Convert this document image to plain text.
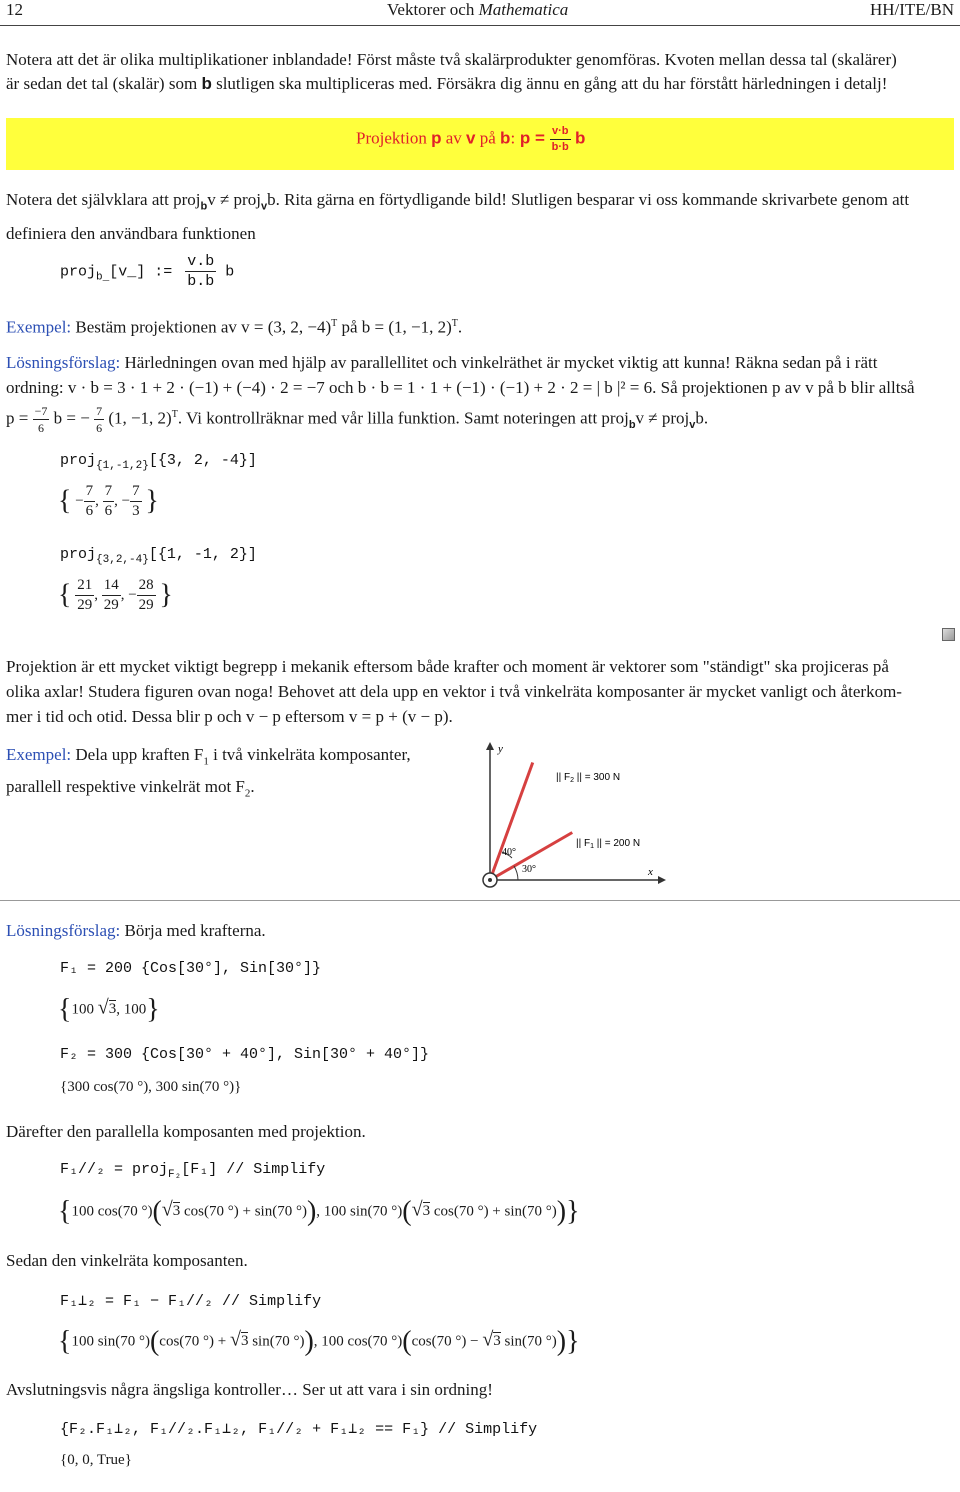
12	Vektorer och Mathematica	HH/ITE/BN
Notera att det är olika multiplikationer inblandade! Först måste två skalärprodukter genomföras. Kvoten mellan dessa tal (skalärer)
är sedan det tal (skalär) som b slutligen ska multipliceras med. Försäkra dig ännu en gång att du har förstått härledningen i detalj!
Projektion p av v på b: $p = \frac{v\cdot b}{b\cdot b}$ b
Notera det självklara att proj$_b$v ≠ proj$_v$b. Rita gärna en förtydligande bild! Slutligen besparar vi oss kommande skrivarbete genom att
definiera den användbara funktionen
proj$_{b\_}$[v_] := $\frac{v.b}{b.b}$ b
Exempel: Bestäm projektionen av v = (3, 2, −4)$^T$ på b = (1, −1, 2)$^T$.
Lösningsförslag: Härledningen ovan med hjälp av parallellitet och vinkelräthet är mycket viktig att kunna! Räkna sedan på i rätt
ordning: v · b = 3 · 1 + 2 · (−1) + (−4) · 2 = −7 och b · b = 1 · 1 + (−1) · (−1) + 2 · 2 = | b |² = 6. Så projektionen p av v på b blir alltså
$p = \frac{-7}{6}$ b = − $\frac{7}{6} (1$, −1, 2)$^T$. Vi kontrollräknar med vår lilla funktion. Samt noteringen att proj$_b$v ≠ proj$_v$b.
proj$_{\{1,-1,2\}}$[{3, 2, -4}]
{ − $\frac{7}{6}$ , $\frac{7}{6}$ , − $\frac{7}{3}$ }
proj$_{\{3,2,-4\}}$[{1, -1, 2}]
{ $\frac{21}{29}$ , $\frac{14}{29}$ , − $\frac{28}{29}$ }
Projektion är ett mycket viktigt begrepp i mekanik eftersom både krafter och moment är vektorer som "ständigt" ska projiceras på
olika axlar! Studera figuren ovan noga! Behovet att dela upp en vektor i två vinkelräta komposanter är mycket vanligt och återkom-
mer i tid och otid. Dessa blir p och v − p eftersom v = p + (v − p).
Exempel: Dela upp kraften $F_1$ i två vinkelräta komposanter,
parallell respektive vinkelrät mot $F_2$.
y
x
40°
30°
|| $F_2$ || = 300 N
|| $F_1$ || = 200 N
Lösningsförslag: Börja med krafterna.
F₁ = 200 {Cos[30°], Sin[30°]}
{100 √3, 100}
F₂ = 300 {Cos[30° + 40°], Sin[30° + 40°]}
{300 cos(70 °), 300 sin(70 °)}
Därefter den parallella komposanten med projektion.
F₁//₂ = proj$_{F_2}$[F₁] // Simplify
{100 cos(70 °)(√3 cos(70 °) + sin(70 °)), 100 sin(70 °)(√3 cos(70 °) + sin(70 °))}
Sedan den vinkelräta komposanten.
F₁⊥₂ = F₁ − F₁//₂ // Simplify
{100 sin(70 °)(cos(70 °) + √3 sin(70 °)), 100 cos(70 °)(cos(70 °) − √3 sin(70 °))}
Avslutningsvis några ängsliga kontroller… Ser ut att vara i sin ordning!
{F₂.F₁⊥₂, F₁//₂.F₁⊥₂, F₁//₂ + F₁⊥₂ == F₁} // Simplify
{0, 0, True}
